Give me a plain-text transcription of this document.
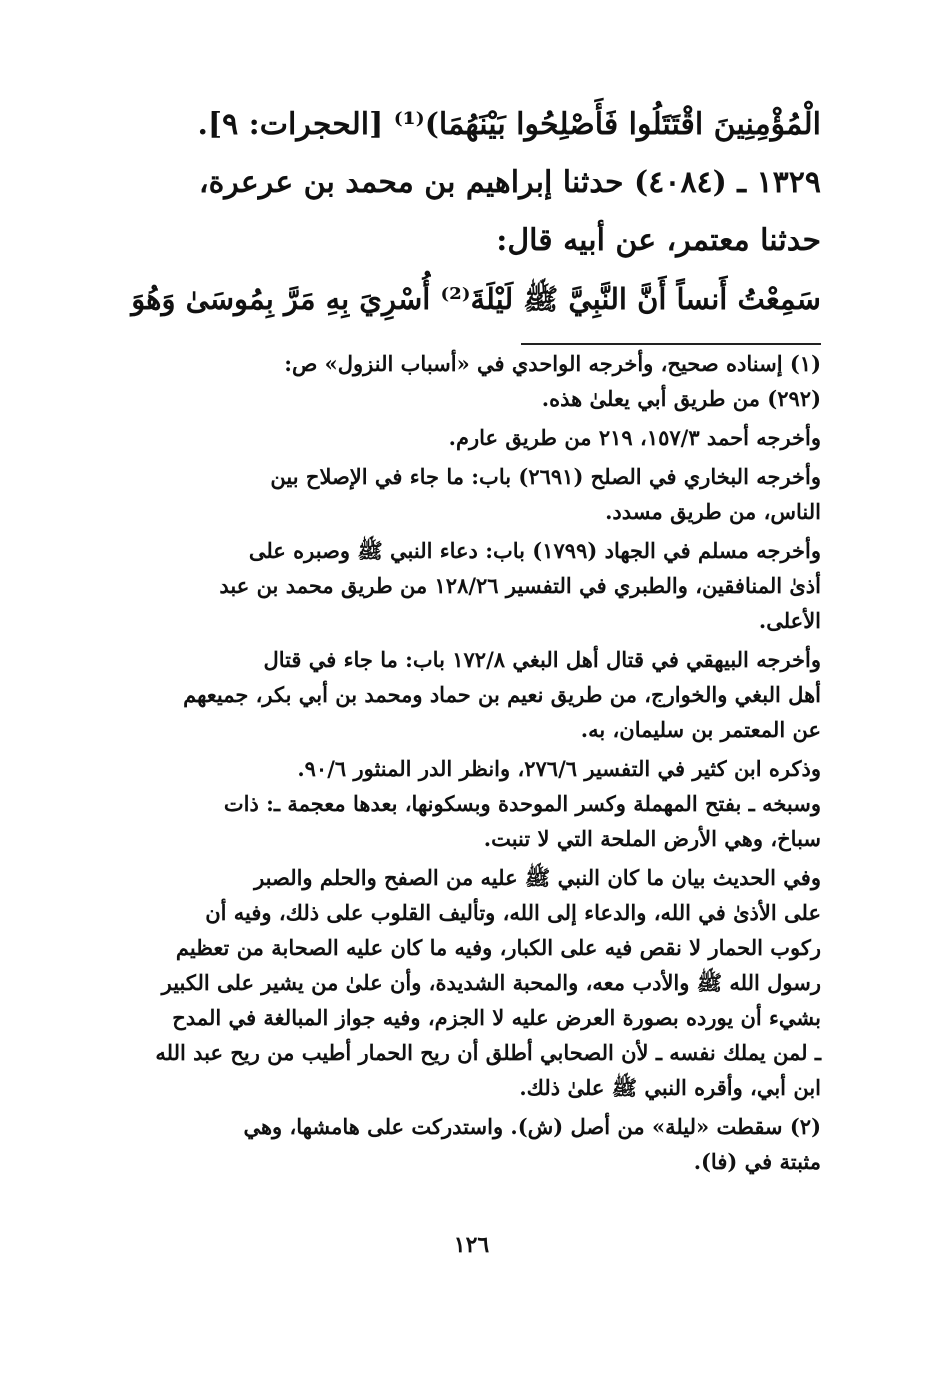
الْمُؤْمِنِينَ اقْتَتَلُوا فَأَصْلِحُوا بَيْنَهُمَا)⁽¹⁾ [الحجرات: ٩].

١٣٢٩ ـ (٤٠٨٤) حدثنا إبراهيم بن محمد بن عرعرة،

حدثنا معتمر، عن أبيه قال:

سَمِعْتُ أَنساً أَنَّ النَّبِيَّ ﷺ لَيْلَةَ⁽²⁾ أُسْرِيَ بِهِ مَرَّ بِمُوسَىٰ وَهُوَ

(١) إسناده صحيح، وأخرجه الواحدي في «أسباب النزول» ص:
(٢٩٢) من طريق أبي يعلىٰ هذه.

وأخرجه أحمد ١٥٧/٣، ٢١٩ من طريق عارم.

وأخرجه البخاري في الصلح (٢٦٩١) باب: ما جاء في الإصلاح بين
الناس، من طريق مسدد.

وأخرجه مسلم في الجهاد (١٧٩٩) باب: دعاء النبي ﷺ وصبره على
أذىٰ المنافقين، والطبري في التفسير ١٢٨/٢٦ من طريق محمد بن عبد
الأعلى.

وأخرجه البيهقي في قتال أهل البغي ١٧٢/٨ باب: ما جاء في قتال
أهل البغي والخوارج، من طريق نعيم بن حماد ومحمد بن أبي بكر، جميعهم
عن المعتمر بن سليمان، به.

وذكره ابن كثير في التفسير ٢٧٦/٦، وانظر الدر المنثور ٩٠/٦.
وسبخه ـ بفتح المهملة وكسر الموحدة وبسكونها، بعدها معجمة ـ: ذات
سباخ، وهي الأرض الملحة التي لا تنبت.

وفي الحديث بيان ما كان النبي ﷺ عليه من الصفح والحلم والصبر
على الأذىٰ في الله، والدعاء إلى الله، وتأليف القلوب على ذلك، وفيه أن
ركوب الحمار لا نقص فيه على الكبار، وفيه ما كان عليه الصحابة من تعظيم
رسول الله ﷺ والأدب معه، والمحبة الشديدة، وأن علىٰ من يشير على الكبير
بشيء أن يورده بصورة العرض عليه لا الجزم، وفيه جواز المبالغة في المدح
ـ لمن يملك نفسه ـ لأن الصحابي أطلق أن ريح الحمار أطيب من ريح عبد الله
ابن أبي، وأقره النبي ﷺ علىٰ ذلك.

(٢) سقطت «ليلة» من أصل (ش). واستدركت على هامشها، وهي
مثبتة في (فا).

١٢٦
